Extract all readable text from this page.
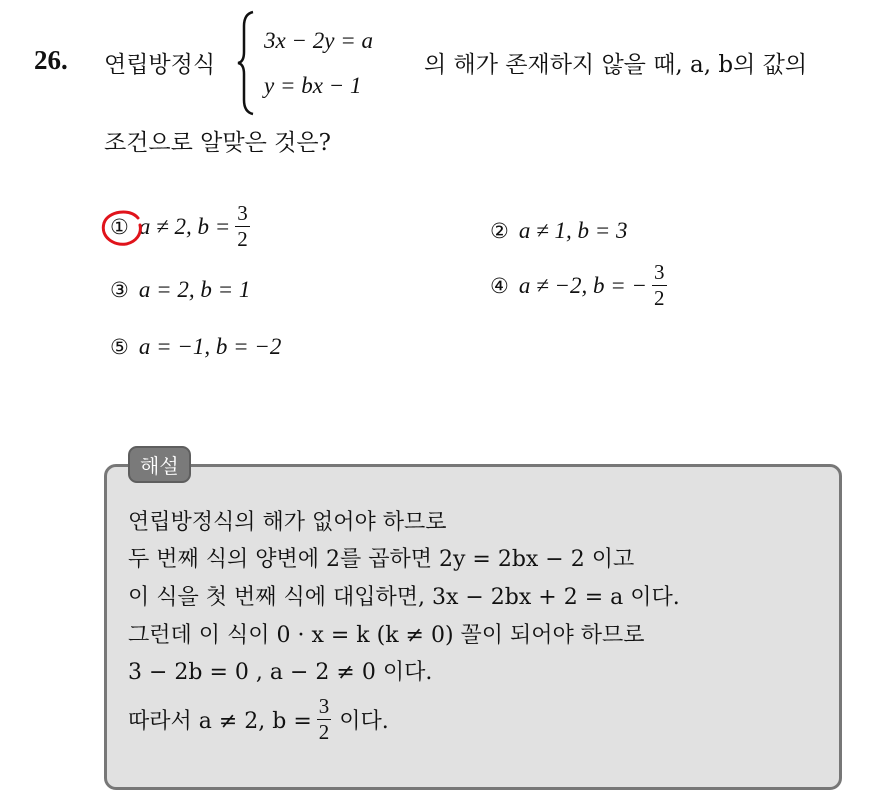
26. 연립방정식
3x − 2y = a
y = bx − 1
의 해가 존재하지 않을 때, a, b의 값의
조건으로 알맞은 것은?
① a ≠ 2, $b = \frac{3}{2}$	② a ≠ 1, b = 3
③ a = 2, b = 1	④ a ≠ −2, b = − $\frac{3}{2}$
⑤ a = −1, b = −2
해설
연립방정식의 해가 없어야 하므로
두 번째 식의 양변에 2를 곱하면 2y = 2bx − 2 이고
이 식을 첫 번째 식에 대입하면, 3x − 2bx + 2 = a 이다.
그런데 이 식이 0 · x = k (k ≠ 0) 꼴이 되어야 하므로
3 − 2b = 0 , a − 2 ≠ 0 이다.
따라서 a ≠ 2, $b = \frac{3}{2}$ 이다.
